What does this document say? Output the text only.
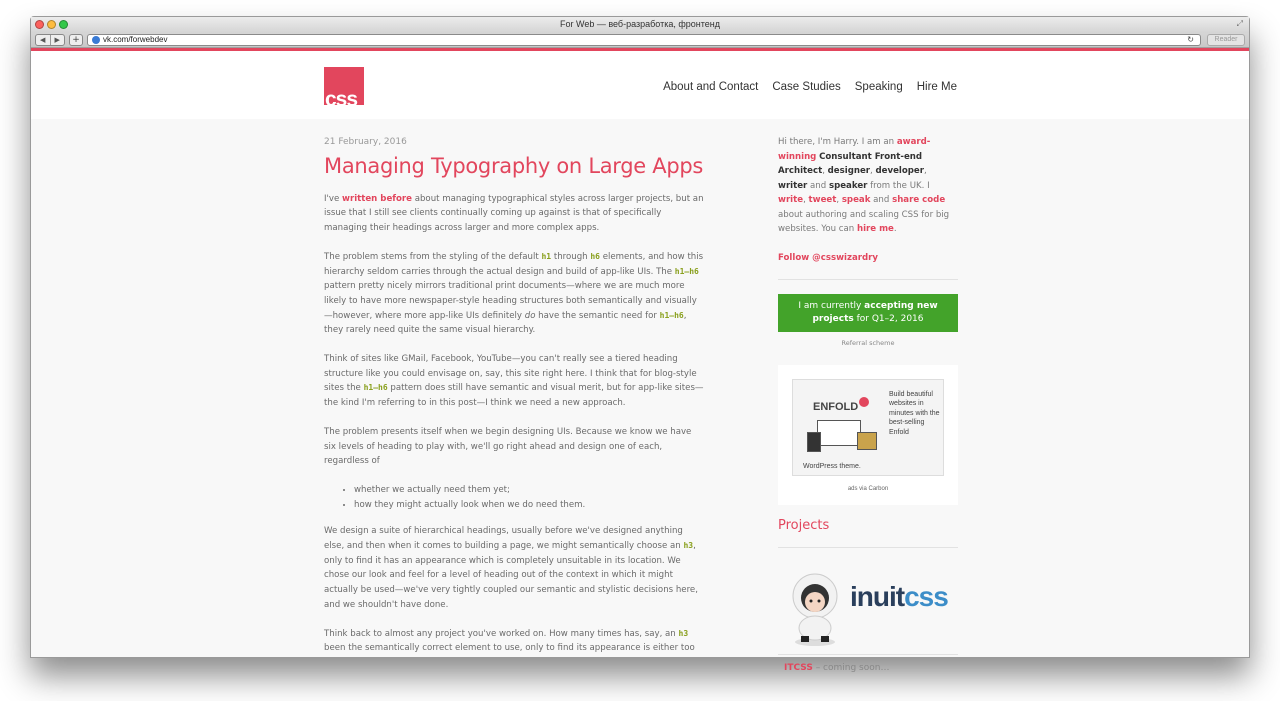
For Web — веб-разработка, фронтенд	⤢
◀	▶	+	vk.com/forwebdev	↻	Reader
css
About and Contact Case Studies Speaking Hire Me
21 February, 2016
Managing Typography on Large Apps

I've written before about managing typographical styles across larger projects, but an issue that I still see clients continually coming up against is that of specifically managing their headings across larger and more complex apps.

The problem stems from the styling of the default h1 through h6 elements, and how this hierarchy seldom carries through the actual design and build of app-like UIs. The h1–h6 pattern pretty nicely mirrors traditional print documents—where we are much more likely to have more newspaper-style heading structures both semantically and visually—however, where more app-like UIs definitely do have the semantic need for h1–h6, they rarely need quite the same visual hierarchy.

Think of sites like GMail, Facebook, YouTube—you can't really see a tiered heading structure like you could envisage on, say, this site right here. I think that for blog-style sites the h1–h6 pattern does still have semantic and visual merit, but for app-like sites—the kind I'm referring to in this post—I think we need a new approach.

The problem presents itself when we begin designing UIs. Because we know we have six levels of heading to play with, we'll go right ahead and design one of each, regardless of

• whether we actually need them yet;
• how they might actually look when we do need them.

We design a suite of hierarchical headings, usually before we've designed anything else, and then when it comes to building a page, we might semantically choose an h3, only to find it has an appearance which is completely unsuitable in its location. We chose our look and feel for a level of heading out of the context in which it might actually be used—we've very tightly coupled our semantic and stylistic decisions here, and we shouldn't have done.

Think back to almost any project you've worked on. How many times has, say, an h3 been the semantically correct element to use, only to find its appearance is either too

Hi there, I'm Harry. I am an award-winning Consultant Front-end Architect, designer, developer, writer and speaker from the UK. I write, tweet, speak and share code about authoring and scaling CSS for big websites. You can hire me.

Follow @csswizardry
I am currently accepting new projects for Q1–2, 2016
Referral scheme
ENFOLD
Build beautiful websites in minutes with the best-selling Enfold
WordPress theme.
ads via Carbon
Projects
inuitcss
ITCSS – coming soon…
